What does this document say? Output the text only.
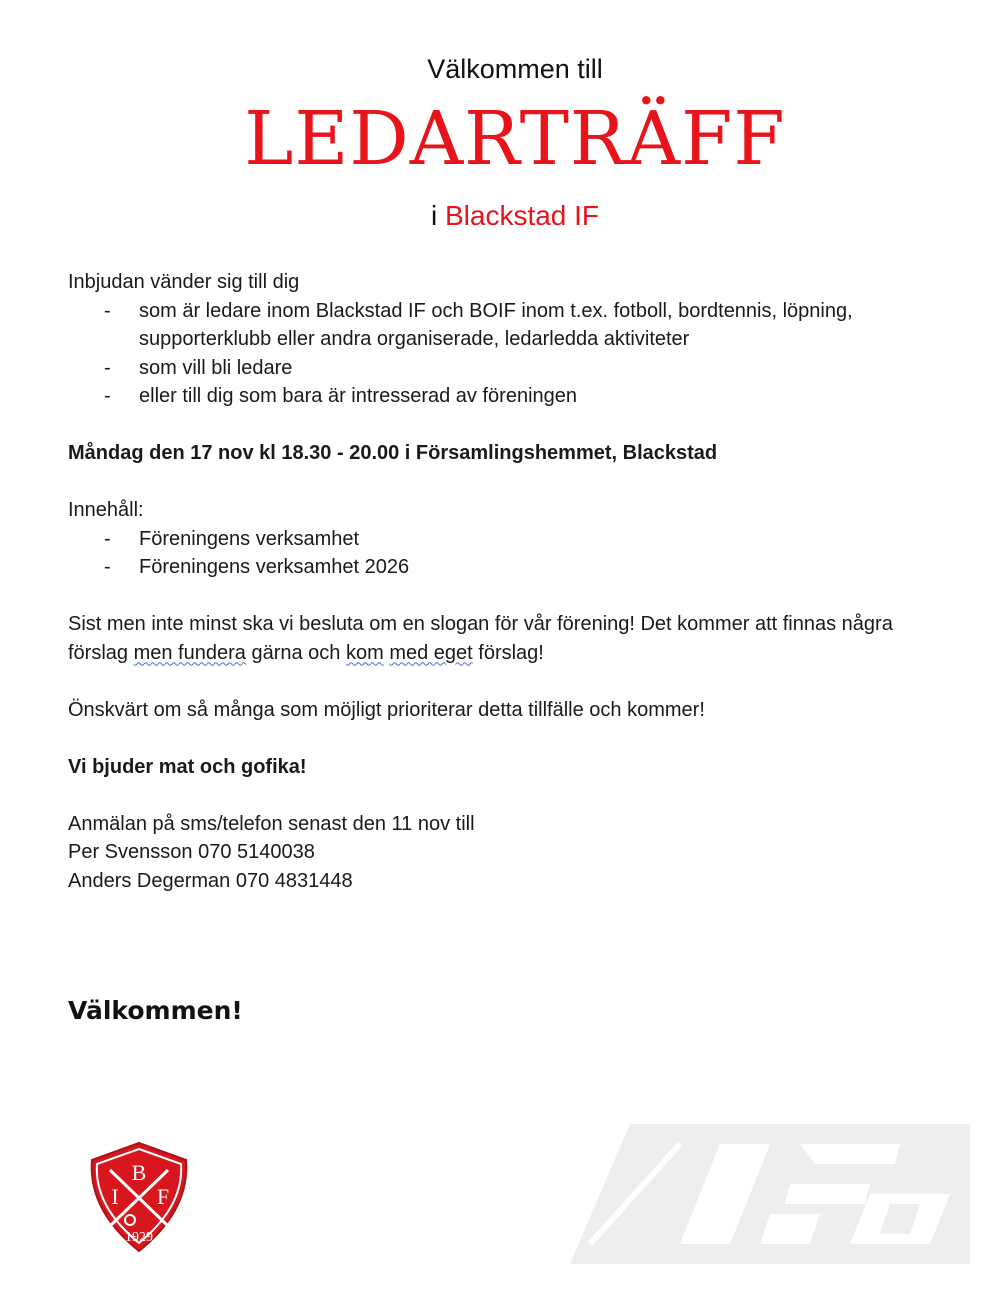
Välkommen till
LEDARTRÄFF
i Blackstad IF

Inbjudan vänder sig till dig

- som är ledare inom Blackstad IF och BOIF inom t.ex. fotboll, bordtennis, löpning, supporterklubb eller andra organiserade, ledarledda aktiviteter
- som vill bli ledare
- eller till dig som bara är intresserad av föreningen

Måndag den 17 nov kl 18.30 - 20.00 i Församlingshemmet, Blackstad

Innehåll:

- Föreningens verksamhet
- Föreningens verksamhet 2026

Sist men inte minst ska vi besluta om en slogan för vår förening! Det kommer att finnas några förslag men fundera gärna och kom med eget förslag!

Önskvärt om så många som möjligt prioriterar detta tillfälle och kommer!

Vi bjuder mat och gofika!

Anmälan på sms/telefon senast den 11 nov till

Per Svensson 070 5140038

Anders Degerman 070 4831448

Välkommen!
B
I F
1929
